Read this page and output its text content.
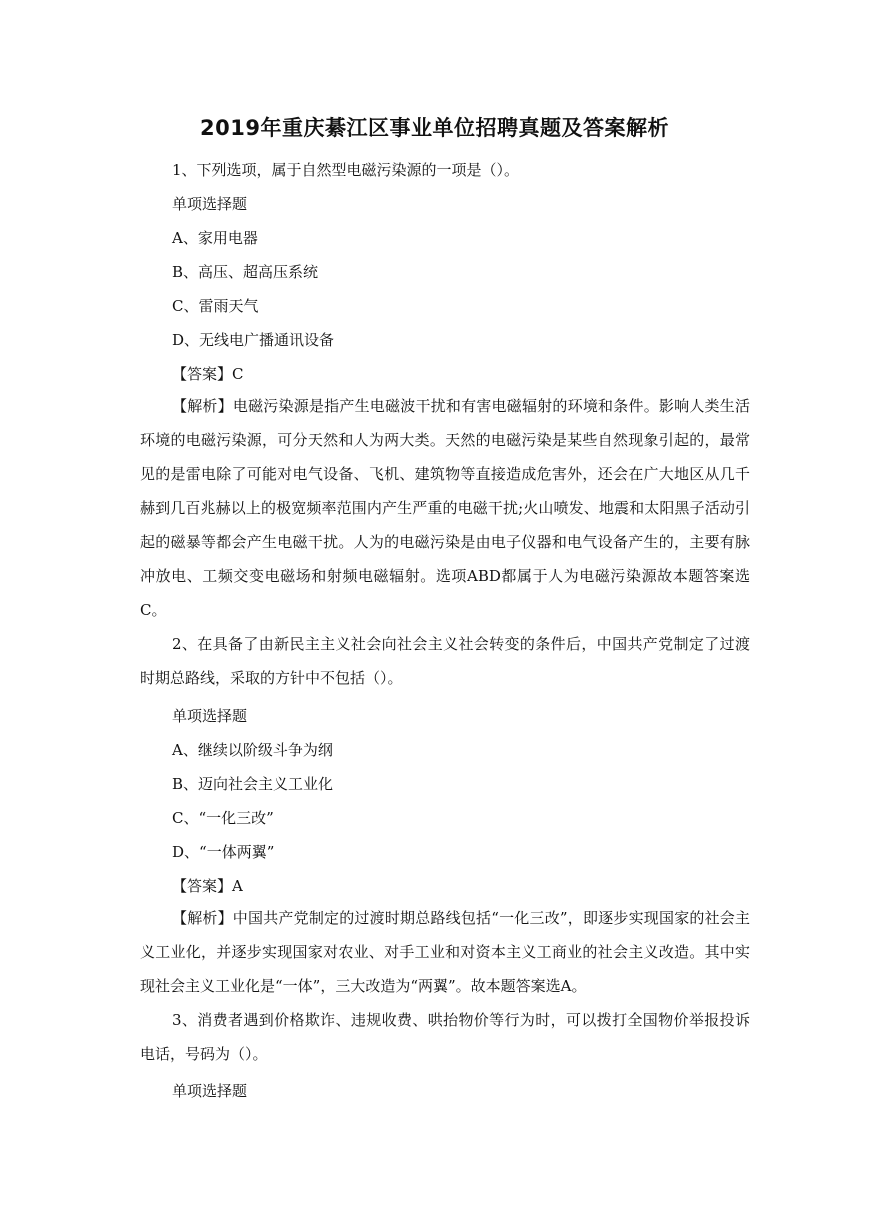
2019年重庆綦江区事业单位招聘真题及答案解析
1、下列选项，属于自然型电磁污染源的一项是（）。
单项选择题
A、家用电器
B、高压、超高压系统
C、雷雨天气
D、无线电广播通讯设备
【答案】C
【解析】电磁污染源是指产生电磁波干扰和有害电磁辐射的环境和条件。影响人类生活环境的电磁污染源，可分天然和人为两大类。天然的电磁污染是某些自然现象引起的，最常见的是雷电除了可能对电气设备、飞机、建筑物等直接造成危害外，还会在广大地区从几千赫到几百兆赫以上的极宽频率范围内产生严重的电磁干扰;火山喷发、地震和太阳黑子活动引起的磁暴等都会产生电磁干扰。人为的电磁污染是由电子仪器和电气设备产生的，主要有脉冲放电、工频交变电磁场和射频电磁辐射。选项ABD都属于人为电磁污染源故本题答案选C。
2、在具备了由新民主主义社会向社会主义社会转变的条件后，中国共产党制定了过渡时期总路线，采取的方针中不包括（）。
单项选择题
A、继续以阶级斗争为纲
B、迈向社会主义工业化
C、“一化三改”
D、“一体两翼”
【答案】A
【解析】中国共产党制定的过渡时期总路线包括“一化三改”，即逐步实现国家的社会主义工业化，并逐步实现国家对农业、对手工业和对资本主义工商业的社会主义改造。其中实现社会主义工业化是“一体”，三大改造为“两翼”。故本题答案选A。
3、消费者遇到价格欺诈、违规收费、哄抬物价等行为时，可以拨打全国物价举报投诉电话，号码为（）。
单项选择题
